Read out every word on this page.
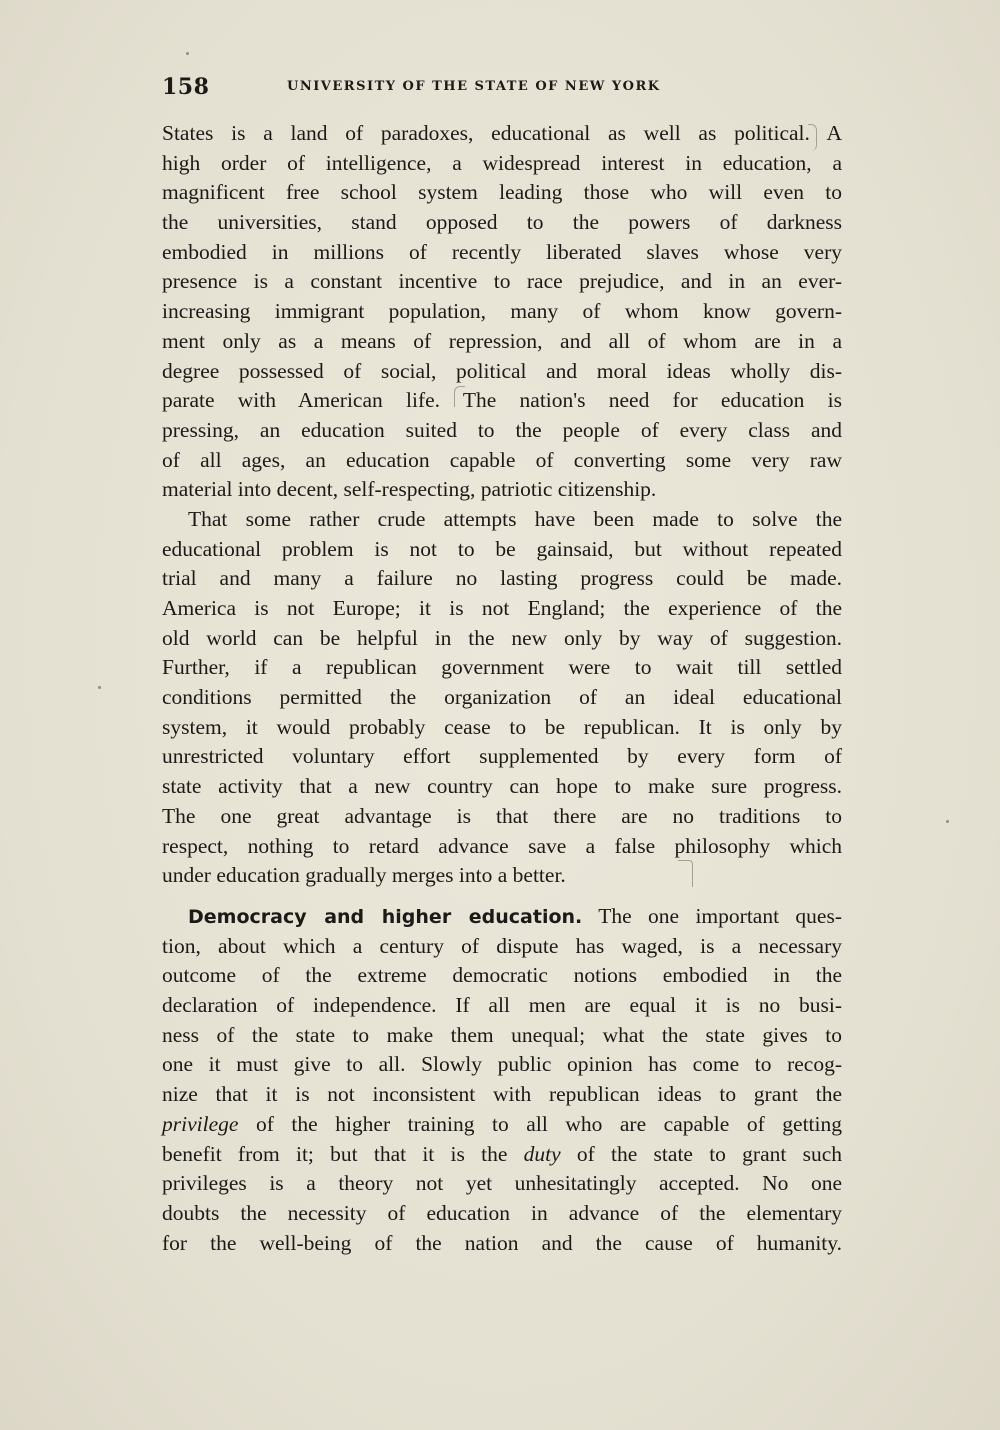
158	UNIVERSITY OF THE STATE OF NEW YORK
States is a land of paradoxes, educational as well as political. A
high order of intelligence, a widespread interest in education, a
magnificent free school system leading those who will even to
the universities, stand opposed to the powers of darkness
embodied in millions of recently liberated slaves whose very
presence is a constant incentive to race prejudice, and in an ever-
increasing immigrant population, many of whom know govern-
ment only as a means of repression, and all of whom are in a
degree possessed of social, political and moral ideas wholly dis-
parate with American life. The nation's need for education is
pressing, an education suited to the people of every class and
of all ages, an education capable of converting some very raw
material into decent, self-respecting, patriotic citizenship.
That some rather crude attempts have been made to solve the
educational problem is not to be gainsaid, but without repeated
trial and many a failure no lasting progress could be made.
America is not Europe; it is not England; the experience of the
old world can be helpful in the new only by way of suggestion.
Further, if a republican government were to wait till settled
conditions permitted the organization of an ideal educational
system, it would probably cease to be republican. It is only by
unrestricted voluntary effort supplemented by every form of
state activity that a new country can hope to make sure progress.
The one great advantage is that there are no traditions to
respect, nothing to retard advance save a false philosophy which
under education gradually merges into a better.
Democracy and higher education. The one important ques-
tion, about which a century of dispute has waged, is a necessary
outcome of the extreme democratic notions embodied in the
declaration of independence. If all men are equal it is no busi-
ness of the state to make them unequal; what the state gives to
one it must give to all. Slowly public opinion has come to recog-
nize that it is not inconsistent with republican ideas to grant the
privilege of the higher training to all who are capable of getting
benefit from it; but that it is the duty of the state to grant such
privileges is a theory not yet unhesitatingly accepted. No one
doubts the necessity of education in advance of the elementary
for the well-being of the nation and the cause of humanity.
